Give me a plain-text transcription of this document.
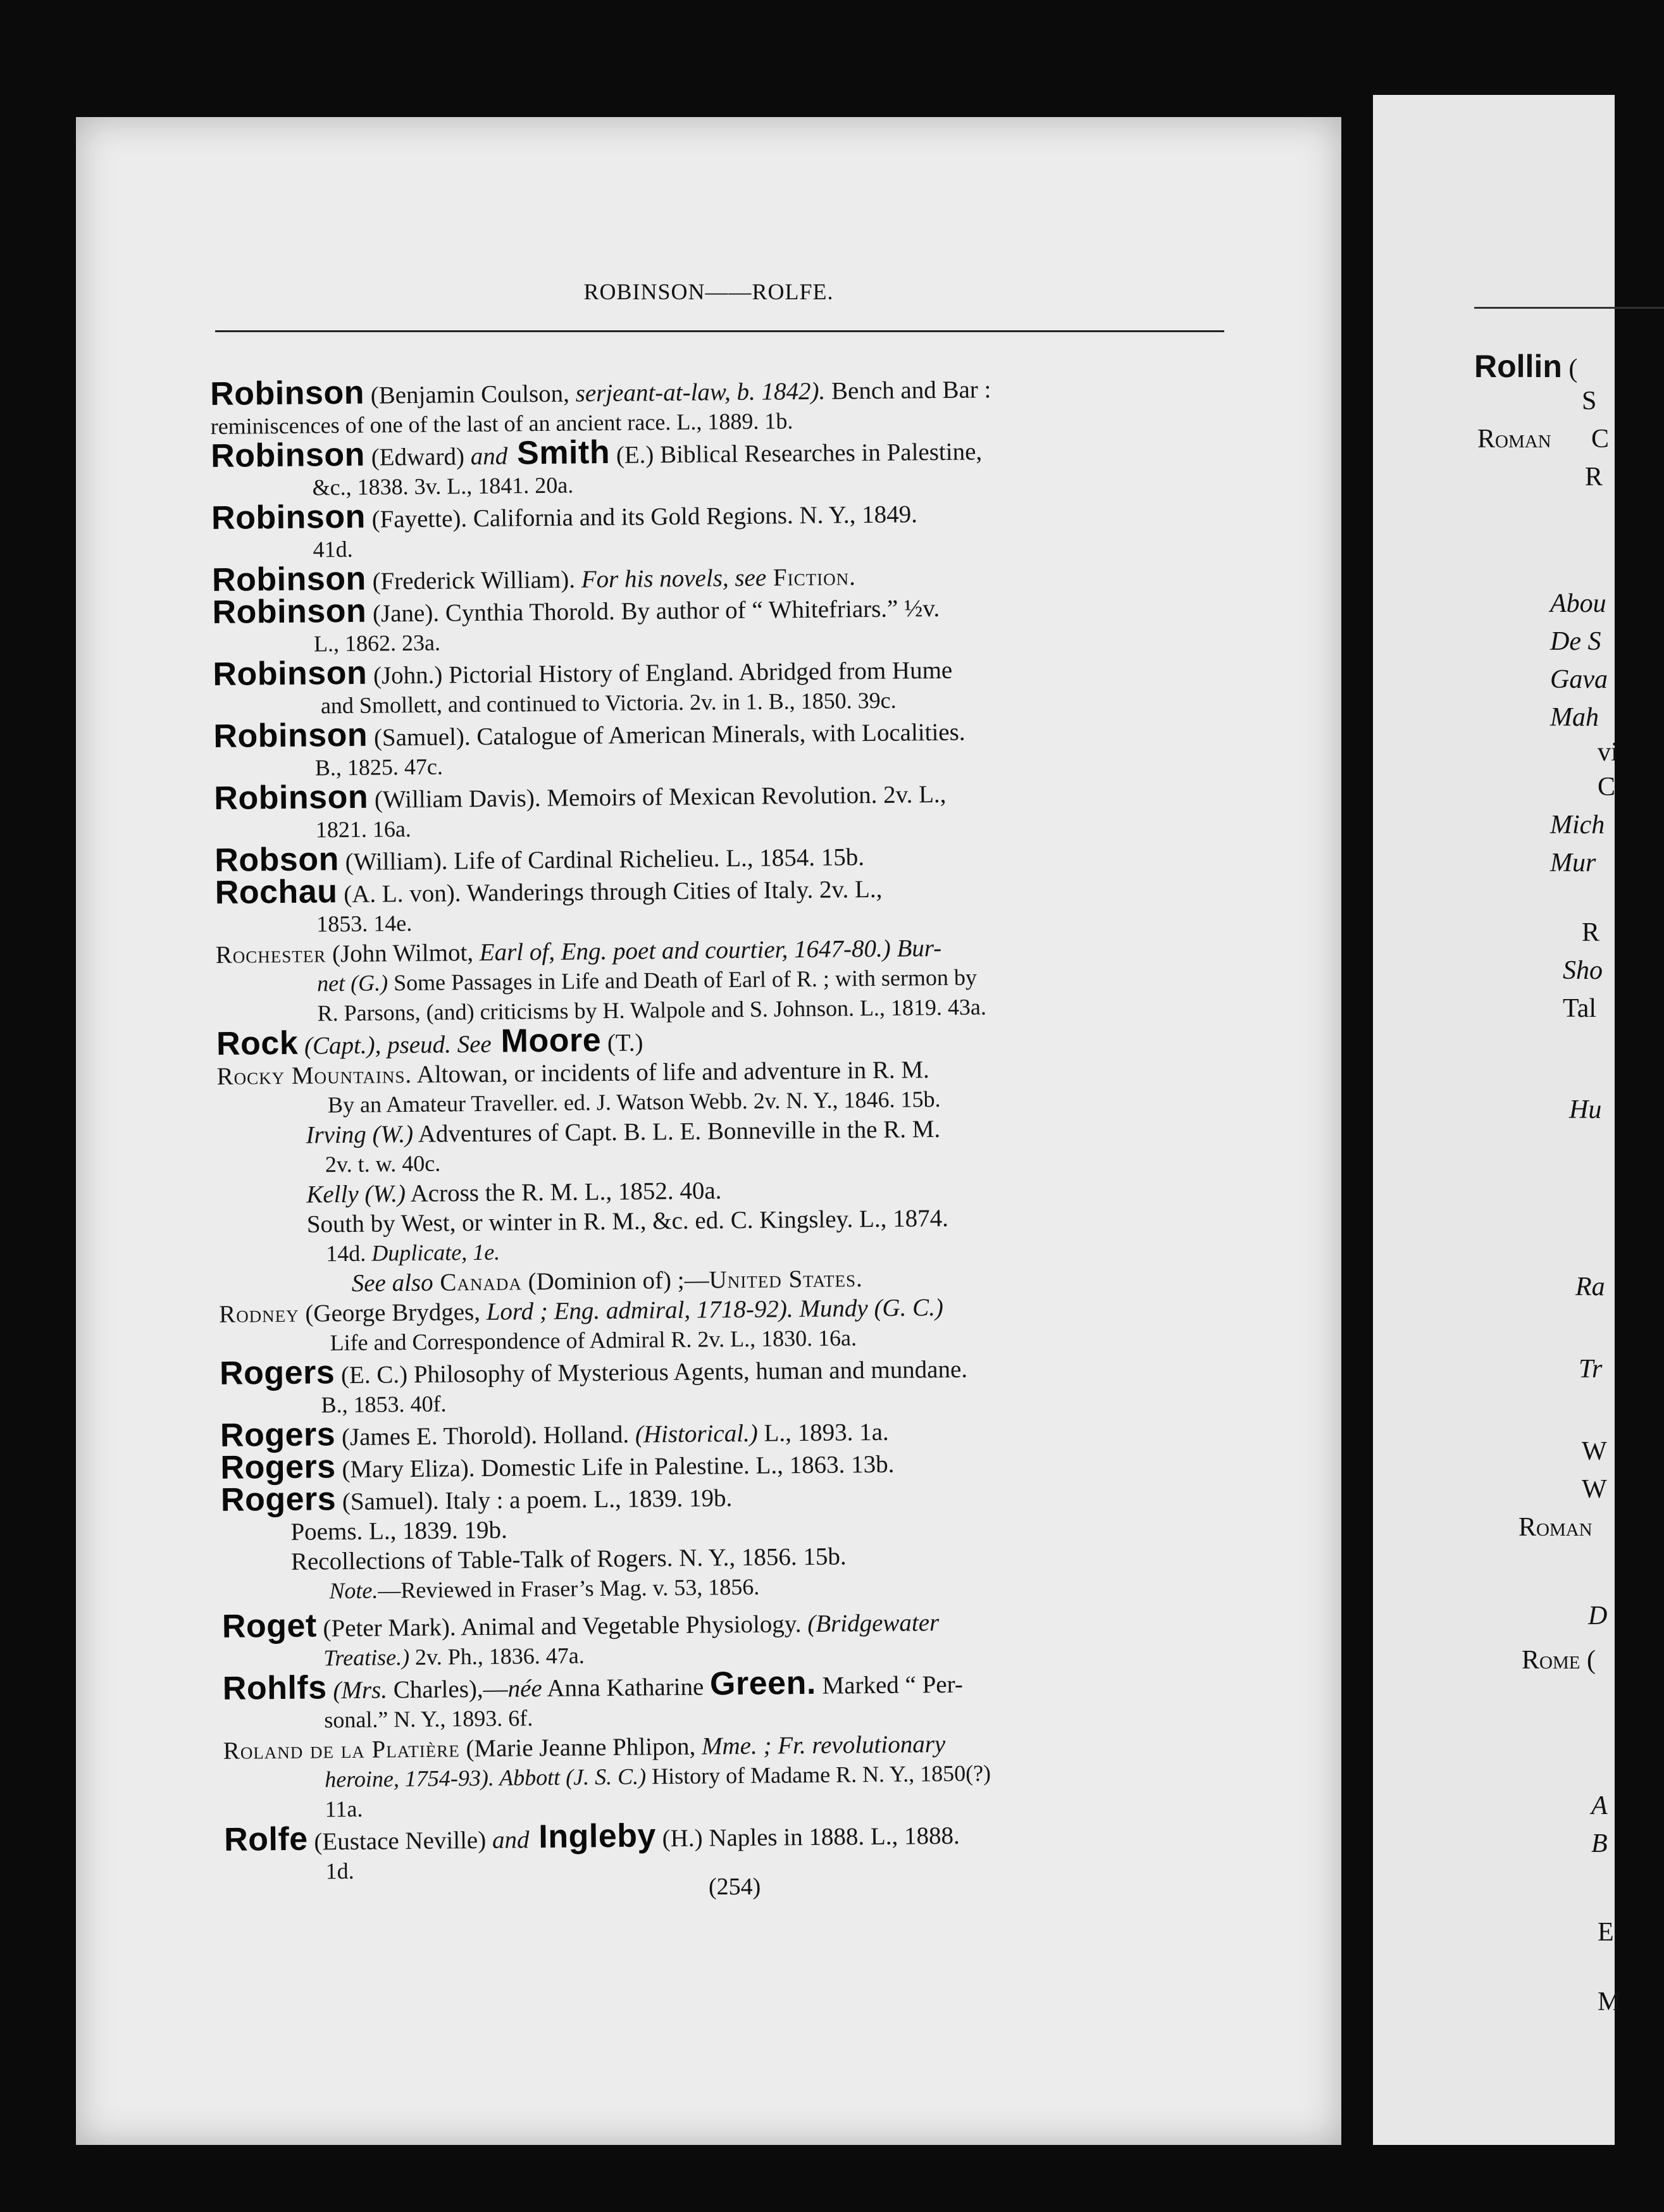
Rollin (
S
Roman C
R
Abou
De S
Gava
Mah
vi
C
Mich
Mur
R
Sho
Tal
Hu
Ra
Tr
W
W
Roman
D
Rome (
A
B
E
M
ROBINSON——ROLFE.
Robinson (Benjamin Coulson, serjeant-at-law, b. 1842). Bench and Bar :
reminiscences of one of the last of an ancient race. L., 1889. 1b.
Robinson (Edward) and Smith (E.) Biblical Researches in Palestine,
&c., 1838. 3v. L., 1841. 20a.
Robinson (Fayette). California and its Gold Regions. N. Y., 1849.
41d.
Robinson (Frederick William). For his novels, see Fiction.
Robinson (Jane). Cynthia Thorold. By author of “ Whitefriars.” ½v.
L., 1862. 23a.
Robinson (John.) Pictorial History of England. Abridged from Hume
and Smollett, and continued to Victoria. 2v. in 1. B., 1850. 39c.
Robinson (Samuel). Catalogue of American Minerals, with Localities.
B., 1825. 47c.
Robinson (William Davis). Memoirs of Mexican Revolution. 2v. L.,
1821. 16a.
Robson (William). Life of Cardinal Richelieu. L., 1854. 15b.
Rochau (A. L. von). Wanderings through Cities of Italy. 2v. L.,
1853. 14e.
Rochester (John Wilmot, Earl of, Eng. poet and courtier, 1647-80.) Bur-
net (G.) Some Passages in Life and Death of Earl of R. ; with sermon by
R. Parsons, (and) criticisms by H. Walpole and S. Johnson. L., 1819. 43a.
Rock (Capt.), pseud. See Moore (T.)
Rocky Mountains. Altowan, or incidents of life and adventure in R. M.
By an Amateur Traveller. ed. J. Watson Webb. 2v. N. Y., 1846. 15b.
Irving (W.) Adventures of Capt. B. L. E. Bonneville in the R. M.
2v. t. w. 40c.
Kelly (W.) Across the R. M. L., 1852. 40a.
South by West, or winter in R. M., &c. ed. C. Kingsley. L., 1874.
14d. Duplicate, 1e.
See also Canada (Dominion of) ;—United States.
Rodney (George Brydges, Lord ; Eng. admiral, 1718-92). Mundy (G. C.)
Life and Correspondence of Admiral R. 2v. L., 1830. 16a.
Rogers (E. C.) Philosophy of Mysterious Agents, human and mundane.
B., 1853. 40f.
Rogers (James E. Thorold). Holland. (Historical.) L., 1893. 1a.
Rogers (Mary Eliza). Domestic Life in Palestine. L., 1863. 13b.
Rogers (Samuel). Italy : a poem. L., 1839. 19b.
Poems. L., 1839. 19b.
Recollections of Table-Talk of Rogers. N. Y., 1856. 15b.
Note.—Reviewed in Fraser’s Mag. v. 53, 1856.
Roget (Peter Mark). Animal and Vegetable Physiology. (Bridgewater
Treatise.) 2v. Ph., 1836. 47a.
Rohlfs (Mrs. Charles),—née Anna Katharine Green. Marked “ Per-
sonal.” N. Y., 1893. 6f.
Roland de la Platière (Marie Jeanne Phlipon, Mme. ; Fr. revolutionary
heroine, 1754-93). Abbott (J. S. C.) History of Madame R. N. Y., 1850(?)
11a.
Rolfe (Eustace Neville) and Ingleby (H.) Naples in 1888. L., 1888.
1d.
(254)
